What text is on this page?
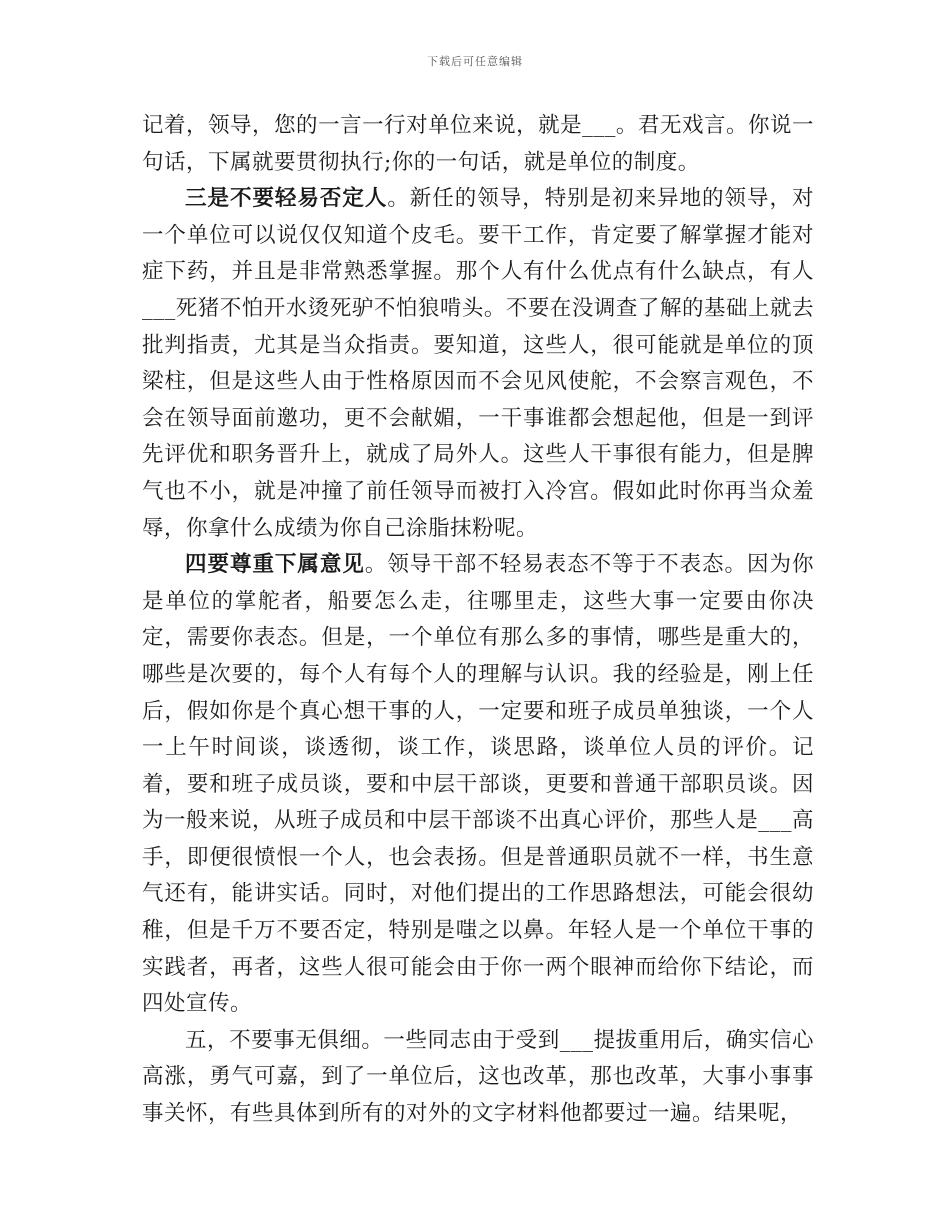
下载后可任意编辑

记着，领导，您的一言一行对单位来说，就是___。君无戏言。你说一句话，下属就要贯彻执行;你的一句话，就是单位的制度。

三是不要轻易否定人。新任的领导，特别是初来异地的领导，对一个单位可以说仅仅知道个皮毛。要干工作，肯定要了解掌握才能对症下药，并且是非常熟悉掌握。那个人有什么优点有什么缺点，有人___死猪不怕开水烫死驴不怕狼啃头。不要在没调查了解的基础上就去批判指责，尤其是当众指责。要知道，这些人，很可能就是单位的顶梁柱，但是这些人由于性格原因而不会见风使舵，不会察言观色，不会在领导面前邀功，更不会献媚，一干事谁都会想起他，但是一到评先评优和职务晋升上，就成了局外人。这些人干事很有能力，但是脾气也不小，就是冲撞了前任领导而被打入冷宫。假如此时你再当众羞辱，你拿什么成绩为你自己涂脂抹粉呢。

四要尊重下属意见。领导干部不轻易表态不等于不表态。因为你是单位的掌舵者，船要怎么走，往哪里走，这些大事一定要由你决定，需要你表态。但是，一个单位有那么多的事情，哪些是重大的，哪些是次要的，每个人有每个人的理解与认识。我的经验是，刚上任后，假如你是个真心想干事的人，一定要和班子成员单独谈，一个人一上午时间谈，谈透彻，谈工作，谈思路，谈单位人员的评价。记着，要和班子成员谈，要和中层干部谈，更要和普通干部职员谈。因为一般来说，从班子成员和中层干部谈不出真心评价，那些人是___高手，即便很愤恨一个人，也会表扬。但是普通职员就不一样，书生意气还有，能讲实话。同时，对他们提出的工作思路想法，可能会很幼稚，但是千万不要否定，特别是嗤之以鼻。年轻人是一个单位干事的实践者，再者，这些人很可能会由于你一两个眼神而给你下结论，而四处宣传。

五，不要事无俱细。一些同志由于受到___提拔重用后，确实信心高涨，勇气可嘉，到了一单位后，这也改革，那也改革，大事小事事事关怀，有些具体到所有的对外的文字材料他都要过一遍。结果呢，
